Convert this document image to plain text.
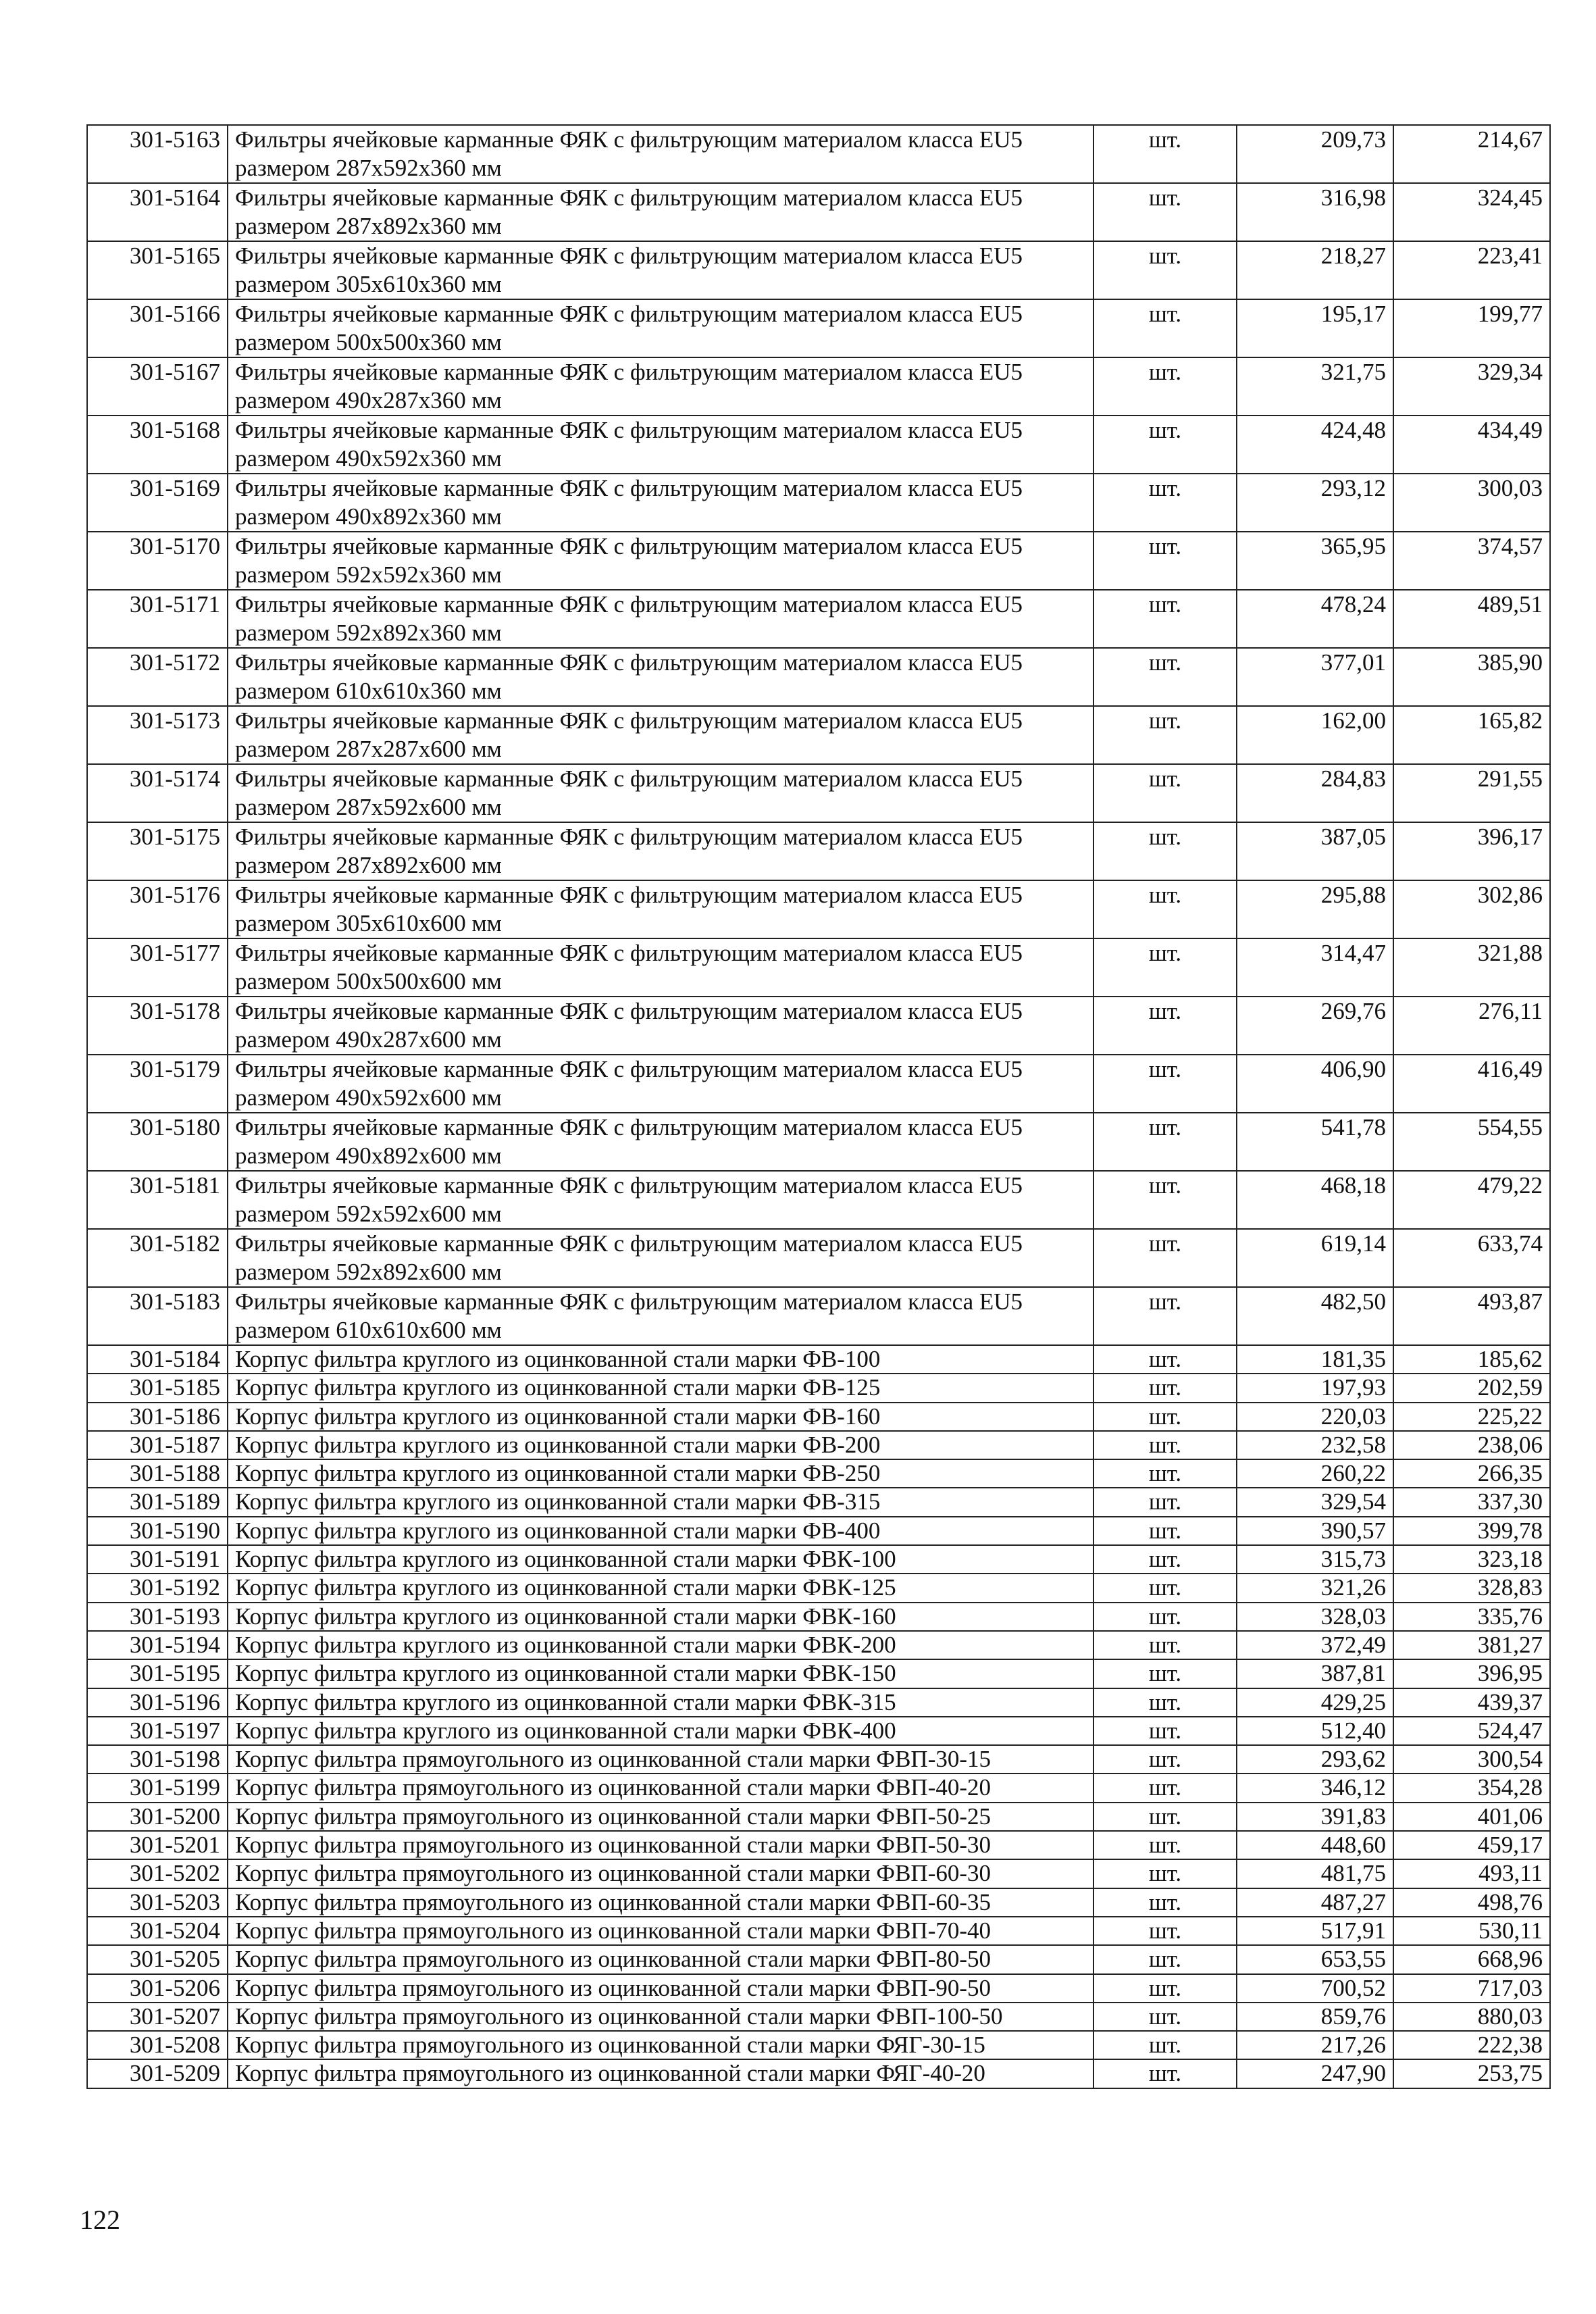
301-5163	Фильтры ячейковые карманные ФЯК с фильтрующим материалом класса EU5 размером 287x592x360 мм	шт.	209,73	214,67
301-5164	Фильтры ячейковые карманные ФЯК с фильтрующим материалом класса EU5 размером 287x892x360 мм	шт.	316,98	324,45
301-5165	Фильтры ячейковые карманные ФЯК с фильтрующим материалом класса EU5 размером 305x610x360 мм	шт.	218,27	223,41
301-5166	Фильтры ячейковые карманные ФЯК с фильтрующим материалом класса EU5 размером 500x500x360 мм	шт.	195,17	199,77
301-5167	Фильтры ячейковые карманные ФЯК с фильтрующим материалом класса EU5 размером 490x287x360 мм	шт.	321,75	329,34
301-5168	Фильтры ячейковые карманные ФЯК с фильтрующим материалом класса EU5 размером 490x592x360 мм	шт.	424,48	434,49
301-5169	Фильтры ячейковые карманные ФЯК с фильтрующим материалом класса EU5 размером 490x892x360 мм	шт.	293,12	300,03
301-5170	Фильтры ячейковые карманные ФЯК с фильтрующим материалом класса EU5 размером 592x592x360 мм	шт.	365,95	374,57
301-5171	Фильтры ячейковые карманные ФЯК с фильтрующим материалом класса EU5 размером 592x892x360 мм	шт.	478,24	489,51
301-5172	Фильтры ячейковые карманные ФЯК с фильтрующим материалом класса EU5 размером 610x610x360 мм	шт.	377,01	385,90
301-5173	Фильтры ячейковые карманные ФЯК с фильтрующим материалом класса EU5 размером 287x287x600 мм	шт.	162,00	165,82
301-5174	Фильтры ячейковые карманные ФЯК с фильтрующим материалом класса EU5 размером 287x592x600 мм	шт.	284,83	291,55
301-5175	Фильтры ячейковые карманные ФЯК с фильтрующим материалом класса EU5 размером 287x892x600 мм	шт.	387,05	396,17
301-5176	Фильтры ячейковые карманные ФЯК с фильтрующим материалом класса EU5 размером 305x610x600 мм	шт.	295,88	302,86
301-5177	Фильтры ячейковые карманные ФЯК с фильтрующим материалом класса EU5 размером 500x500x600 мм	шт.	314,47	321,88
301-5178	Фильтры ячейковые карманные ФЯК с фильтрующим материалом класса EU5 размером 490x287x600 мм	шт.	269,76	276,11
301-5179	Фильтры ячейковые карманные ФЯК с фильтрующим материалом класса EU5 размером 490x592x600 мм	шт.	406,90	416,49
301-5180	Фильтры ячейковые карманные ФЯК с фильтрующим материалом класса EU5 размером 490x892x600 мм	шт.	541,78	554,55
301-5181	Фильтры ячейковые карманные ФЯК с фильтрующим материалом класса EU5 размером 592x592x600 мм	шт.	468,18	479,22
301-5182	Фильтры ячейковые карманные ФЯК с фильтрующим материалом класса EU5 размером 592x892x600 мм	шт.	619,14	633,74
301-5183	Фильтры ячейковые карманные ФЯК с фильтрующим материалом класса EU5 размером 610x610x600 мм	шт.	482,50	493,87
301-5184	Корпус фильтра круглого из оцинкованной стали марки ФВ-100	шт.	181,35	185,62
301-5185	Корпус фильтра круглого из оцинкованной стали марки ФВ-125	шт.	197,93	202,59
301-5186	Корпус фильтра круглого из оцинкованной стали марки ФВ-160	шт.	220,03	225,22
301-5187	Корпус фильтра круглого из оцинкованной стали марки ФВ-200	шт.	232,58	238,06
301-5188	Корпус фильтра круглого из оцинкованной стали марки ФВ-250	шт.	260,22	266,35
301-5189	Корпус фильтра круглого из оцинкованной стали марки ФВ-315	шт.	329,54	337,30
301-5190	Корпус фильтра круглого из оцинкованной стали марки ФВ-400	шт.	390,57	399,78
301-5191	Корпус фильтра круглого из оцинкованной стали марки ФВК-100	шт.	315,73	323,18
301-5192	Корпус фильтра круглого из оцинкованной стали марки ФВК-125	шт.	321,26	328,83
301-5193	Корпус фильтра круглого из оцинкованной стали марки ФВК-160	шт.	328,03	335,76
301-5194	Корпус фильтра круглого из оцинкованной стали марки ФВК-200	шт.	372,49	381,27
301-5195	Корпус фильтра круглого из оцинкованной стали марки ФВК-150	шт.	387,81	396,95
301-5196	Корпус фильтра круглого из оцинкованной стали марки ФВК-315	шт.	429,25	439,37
301-5197	Корпус фильтра круглого из оцинкованной стали марки ФВК-400	шт.	512,40	524,47
301-5198	Корпус фильтра прямоугольного из оцинкованной стали марки ФВП-30-15	шт.	293,62	300,54
301-5199	Корпус фильтра прямоугольного из оцинкованной стали марки ФВП-40-20	шт.	346,12	354,28
301-5200	Корпус фильтра прямоугольного из оцинкованной стали марки ФВП-50-25	шт.	391,83	401,06
301-5201	Корпус фильтра прямоугольного из оцинкованной стали марки ФВП-50-30	шт.	448,60	459,17
301-5202	Корпус фильтра прямоугольного из оцинкованной стали марки ФВП-60-30	шт.	481,75	493,11
301-5203	Корпус фильтра прямоугольного из оцинкованной стали марки ФВП-60-35	шт.	487,27	498,76
301-5204	Корпус фильтра прямоугольного из оцинкованной стали марки ФВП-70-40	шт.	517,91	530,11
301-5205	Корпус фильтра прямоугольного из оцинкованной стали марки ФВП-80-50	шт.	653,55	668,96
301-5206	Корпус фильтра прямоугольного из оцинкованной стали марки ФВП-90-50	шт.	700,52	717,03
301-5207	Корпус фильтра прямоугольного из оцинкованной стали марки ФВП-100-50	шт.	859,76	880,03
301-5208	Корпус фильтра прямоугольного из оцинкованной стали марки ФЯГ-30-15	шт.	217,26	222,38
301-5209	Корпус фильтра прямоугольного из оцинкованной стали марки ФЯГ-40-20	шт.	247,90	253,75
122
